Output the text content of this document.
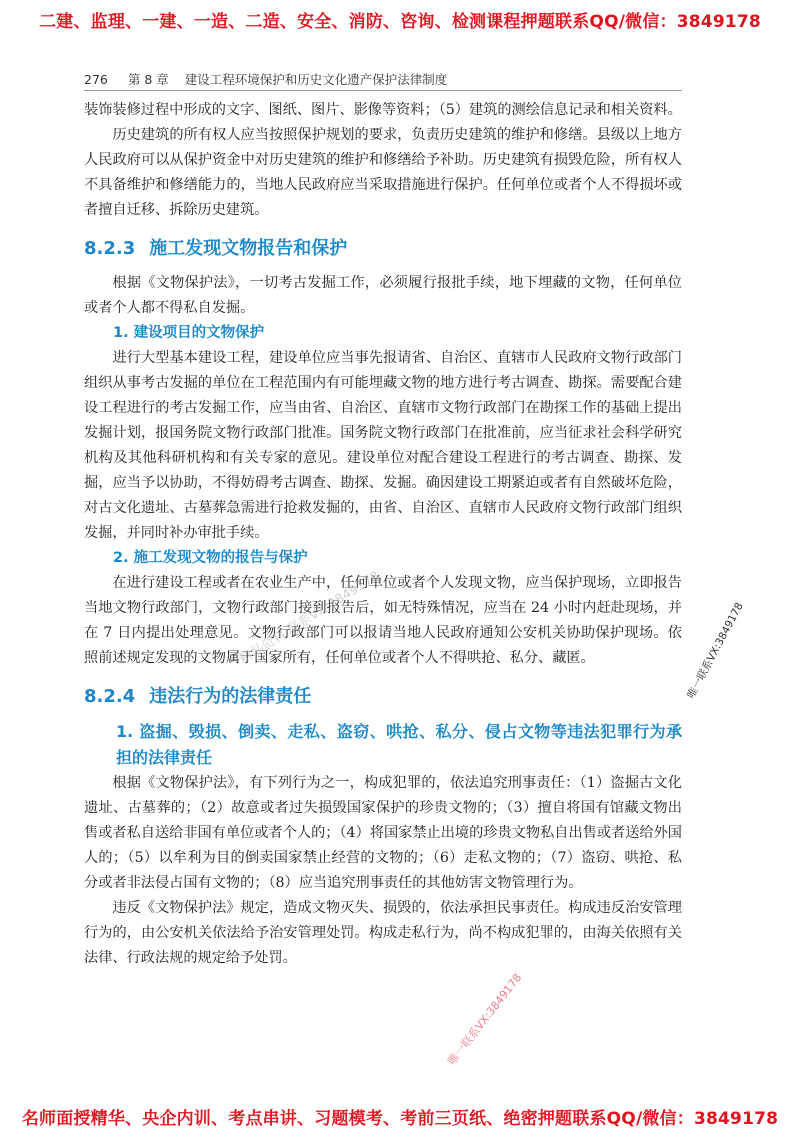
二建、监理、一建、一造、二造、安全、消防、咨询、检测课程押题联系QQ/微信：3849178
276 第 8 章 建设工程环境保护和历史文化遗产保护法律制度

装饰装修过程中形成的文字、图纸、图片、影像等资料；（5）建筑的测绘信息记录和相关资料。

历史建筑的所有权人应当按照保护规划的要求，负责历史建筑的维护和修缮。县级以上地方人民政府可以从保护资金中对历史建筑的维护和修缮给予补助。历史建筑有损毁危险，所有权人不具备维护和修缮能力的，当地人民政府应当采取措施进行保护。任何单位或者个人不得损坏或者擅自迁移、拆除历史建筑。

8.2.3 施工发现文物报告和保护

根据《文物保护法》，一切考古发掘工作，必须履行报批手续，地下埋藏的文物，任何单位或者个人都不得私自发掘。

1. 建设项目的文物保护

进行大型基本建设工程，建设单位应当事先报请省、自治区、直辖市人民政府文物行政部门组织从事考古发掘的单位在工程范围内有可能埋藏文物的地方进行考古调查、勘探。需要配合建设工程进行的考古发掘工作，应当由省、自治区、直辖市文物行政部门在勘探工作的基础上提出发掘计划，报国务院文物行政部门批准。国务院文物行政部门在批准前，应当征求社会科学研究机构及其他科研机构和有关专家的意见。建设单位对配合建设工程进行的考古调查、勘探、发掘，应当予以协助，不得妨碍考古调查、勘探、发掘。确因建设工期紧迫或者有自然破坏危险，对古文化遗址、古墓葬急需进行抢救发掘的，由省、自治区、直辖市人民政府文物行政部门组织发掘，并同时补办审批手续。

2. 施工发现文物的报告与保护

在进行建设工程或者在农业生产中，任何单位或者个人发现文物，应当保护现场，立即报告当地文物行政部门，文物行政部门接到报告后，如无特殊情况，应当在 24 小时内赶赴现场，并在 7 日内提出处理意见。文物行政部门可以报请当地人民政府通知公安机关协助保护现场。依照前述规定发现的文物属于国家所有，任何单位或者个人不得哄抢、私分、藏匿。

8.2.4 违法行为的法律责任
1. 盗掘、毁损、倒卖、走私、盗窃、哄抢、私分、侵占文物等违法犯罪行为承担的法律责任

根据《文物保护法》，有下列行为之一，构成犯罪的，依法追究刑事责任：（1）盗掘古文化遗址、古墓葬的；（2）故意或者过失损毁国家保护的珍贵文物的；（3）擅自将国有馆藏文物出售或者私自送给非国有单位或者个人的；（4）将国家禁止出境的珍贵文物私自出售或者送给外国人的；（5）以牟利为目的倒卖国家禁止经营的文物的；（6）走私文物的；（7）盗窃、哄抢、私分或者非法侵占国有文物的；（8）应当追究刑事责任的其他妨害文物管理行为。

违反《文物保护法》规定，造成文物灭失、损毁的，依法承担民事责任。构成违反治安管理行为的，由公安机关依法给予治安管理处罚。构成走私行为，尚不构成犯罪的，由海关依照有关法律、行政法规的规定给予处罚。

精品资料 联系VX:3849178	唯一联系VX:3849178
唯一联系VX:3849178
名师面授精华、央企内训、考点串讲、习题模考、考前三页纸、绝密押题联系QQ/微信：3849178
